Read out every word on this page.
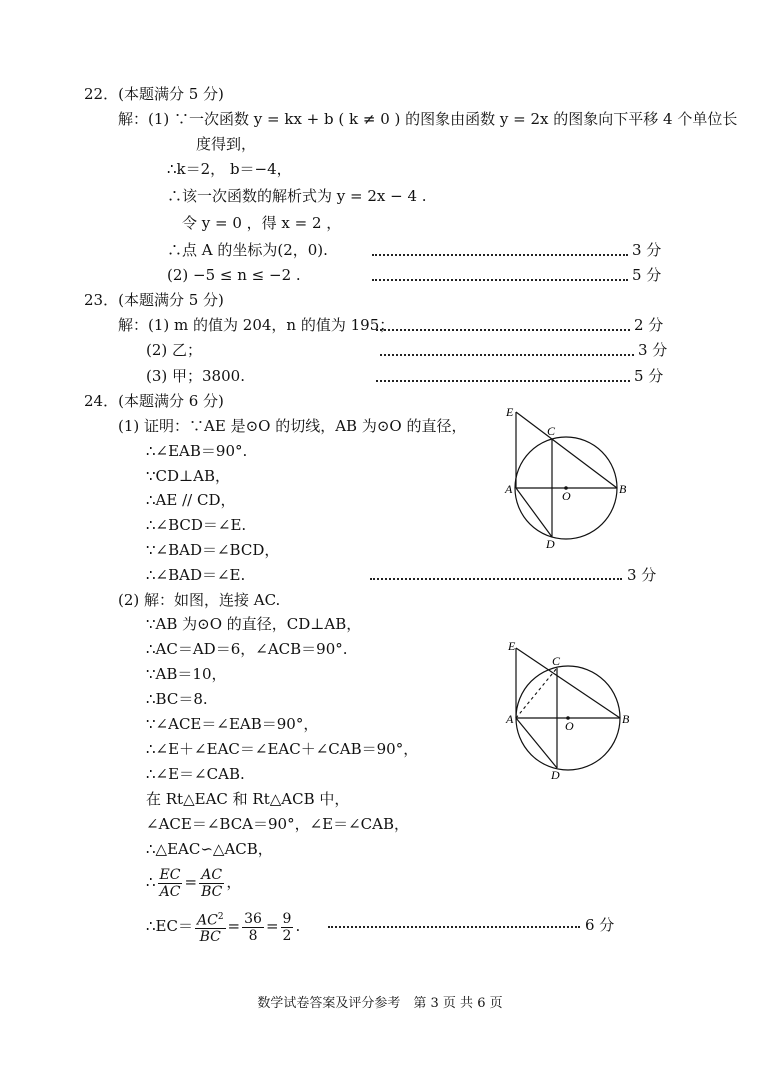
22．(本题满分 5 分)
解：(1) ∵一次函数 y = kx + b ( k ≠ 0 ) 的图象由函数 y = 2x 的图象向下平移 4 个单位长
度得到，
∴k＝2， b＝−4，
∴该一次函数的解析式为 y = 2x − 4 .
令 y = 0 ，得 x = 2 ，
∴点 A 的坐标为(2，0).	3 分
(2) −5 ≤ n ≤ −2 .	5 分
23．(本题满分 5 分)
解：(1) m 的值为 204，n 的值为 195；	2 分
(2) 乙；	3 分
(3) 甲；3800.	5 分
24．(本题满分 6 分)
(1) 证明：∵AE 是⊙O 的切线，AB 为⊙O 的直径，
∴∠EAB＝90°.
∵CD⊥AB，
∴AE // CD，
∴∠BCD＝∠E.
∵∠BAD＝∠BCD，
∴∠BAD＝∠E.	3 分
E
C
A	O	B
D
(2) 解：如图，连接 AC.
∵AB 为⊙O 的直径，CD⊥AB，
∴AC＝AD＝6，∠ACB＝90°.
∵AB＝10，
∴BC＝8.
∵∠ACE＝∠EAB＝90°，
∴∠E＋∠EAC＝∠EAC＋∠CAB＝90°，
∴∠E＝∠CAB.
在 Rt△EAC 和 Rt△ACB 中，
∠ACE＝∠BCA＝90°，∠E＝∠CAB，
∴△EAC∽△ACB，
∴ $\frac{EC}{AC} = \frac{AC}{BC}$ ，
∴EC＝ $\frac{AC^2}{BC} = \frac{36}{8} = \frac{9}{2}$ .	6 分
E
C
A	O	B
D
数学试卷答案及评分参考　第 3 页 共 6 页
